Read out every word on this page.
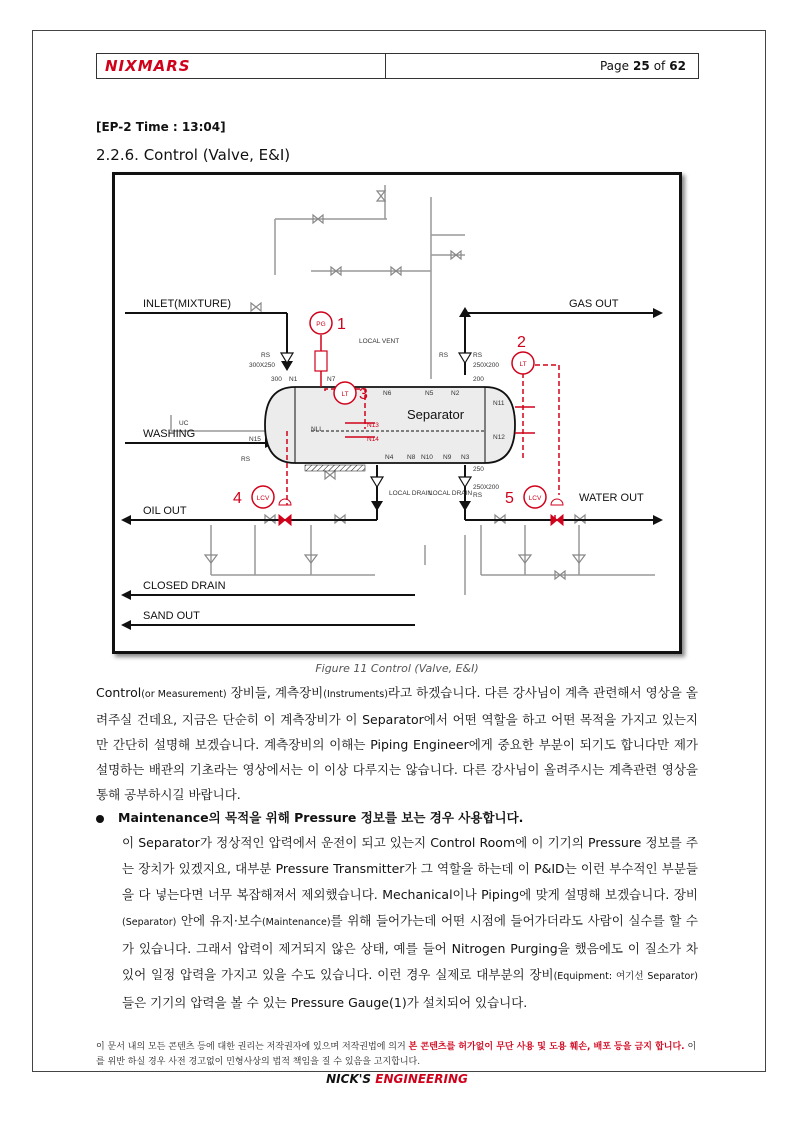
NIX MARS	Page 25 of 62
[EP-2 Time : 13:04]
2.2.6. Control (Valve, E&I)
PG 1
LT 3
LT
2
LCV
4	LCV
5
INLET(MIXTURE)	GAS OUT
WASHING
OIL OUT
WATER OUT
CLOSED DRAIN
SAND OUT
Separator
LOCAL VENT
LOCAL DRAIN
LOCAL DRAIN
RS	RS
RS
RS
RS
300X250	250X200
250X200
300	200
250
NLL
UC
N1
N2
N3
N4
N5
N6
N7
N8	N9
N10
N11
N12
N13
N14
N15
Figure 11 Control (Valve, E&I)
Control(or Measurement) 장비들, 계측장비(Instruments)라고 하겠습니다. 다른 강사님이 계측 관련해서 영상을 올려주실 건데요, 지금은 단순히 이 계측장비가 이 Separator에서 어떤 역할을 하고 어떤 목적을 가지고 있는지만 간단히 설명해 보겠습니다. 계측장비의 이해는 Piping Engineer에게 중요한 부분이 되기도 합니다만 제가 설명하는 배관의 기초라는 영상에서는 이 이상 다루지는 않습니다. 다른 강사님이 올려주시는 계측관련 영상을 통해 공부하시길 바랍니다.
Maintenance의 목적을 위해 Pressure 정보를 보는 경우 사용합니다.
이 Separator가 정상적인 압력에서 운전이 되고 있는지 Control Room에 이 기기의 Pressure 정보를 주는 장치가 있겠지요, 대부분 Pressure Transmitter가 그 역할을 하는데 이 P&ID는 이런 부수적인 부분들을 다 넣는다면 너무 복잡해져서 제외했습니다. Mechanical이나 Piping에 맞게 설명해 보겠습니다. 장비(Separator) 안에 유지·보수(Maintenance)를 위해 들어가는데 어떤 시점에 들어가더라도 사람이 실수를 할 수가 있습니다. 그래서 압력이 제거되지 않은 상태, 예를 들어 Nitrogen Purging을 했음에도 이 질소가 차 있어 일정 압력을 가지고 있을 수도 있습니다. 이런 경우 실제로 대부분의 장비(Equipment: 여기선 Separator)들은 기기의 압력을 볼 수 있는 Pressure Gauge(1)가 설치되어 있습니다.
이 문서 내의 모든 콘텐츠 등에 대한 권리는 저작권자에 있으며 저작권법에 의거 본 콘텐츠를 허가없이 무단 사용 및 도용 훼손, 배포 등을 금지 합니다. 이를 위반 하실 경우 사전 경고없이 민형사상의 법적 책임을 질 수 있음을 고지합니다.
NICK'S ENGINEERING
